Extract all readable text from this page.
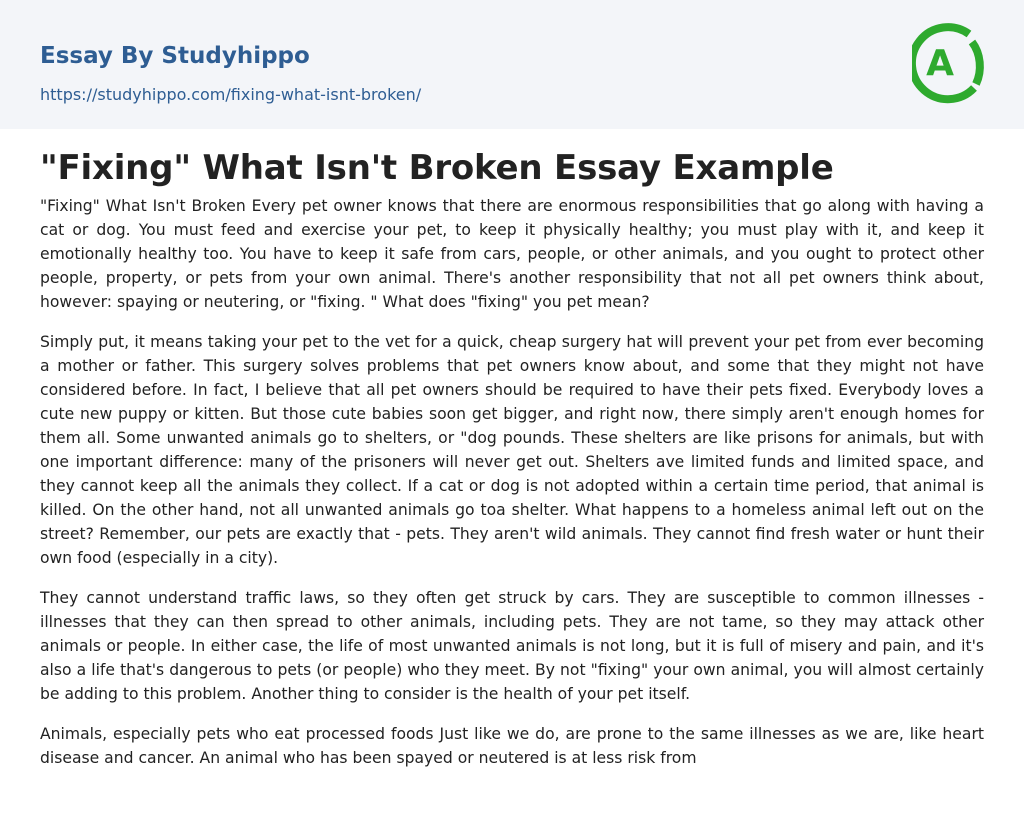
Essay By Studyhippo
https://studyhippo.com/fixing-what-isnt-broken/
A
"Fixing" What Isn't Broken Essay Example

"Fixing" What Isn't Broken Every pet owner knows that there are enormous responsibilities that go along with having a cat or dog. You must feed and exercise your pet, to keep it physically healthy; you must play with it, and keep it emotionally healthy too. You have to keep it safe from cars, people, or other animals, and you ought to protect other people, property, or pets from your own animal. There's another responsibility that not all pet owners think about, however: spaying or neutering, or "fixing. " What does "fixing" you pet mean?

Simply put, it means taking your pet to the vet for a quick, cheap surgery hat will prevent your pet from ever becoming a mother or father. This surgery solves problems that pet owners know about, and some that they might not have considered before. In fact, I believe that all pet owners should be required to have their pets fixed. Everybody loves a cute new puppy or kitten. But those cute babies soon get bigger, and right now, there simply aren't enough homes for them all. Some unwanted animals go to shelters, or "dog pounds. These shelters are like prisons for animals, but with one important difference: many of the prisoners will never get out. Shelters ave limited funds and limited space, and they cannot keep all the animals they collect. If a cat or dog is not adopted within a certain time period, that animal is killed. On the other hand, not all unwanted animals go toa shelter. What happens to a homeless animal left out on the street? Remember, our pets are exactly that - pets. They aren't wild animals. They cannot find fresh water or hunt their own food (especially in a city).

They cannot understand traffic laws, so they often get struck by cars. They are susceptible to common illnesses - illnesses that they can then spread to other animals, including pets. They are not tame, so they may attack other animals or people. In either case, the life of most unwanted animals is not long, but it is full of misery and pain, and it's also a life that's dangerous to pets (or people) who they meet. By not "fixing" your own animal, you will almost certainly be adding to this problem. Another thing to consider is the health of your pet itself.

Animals, especially pets who eat processed foods Just like we do, are prone to the same illnesses as we are, like heart disease and cancer. An animal who has been spayed or neutered is at less risk from
